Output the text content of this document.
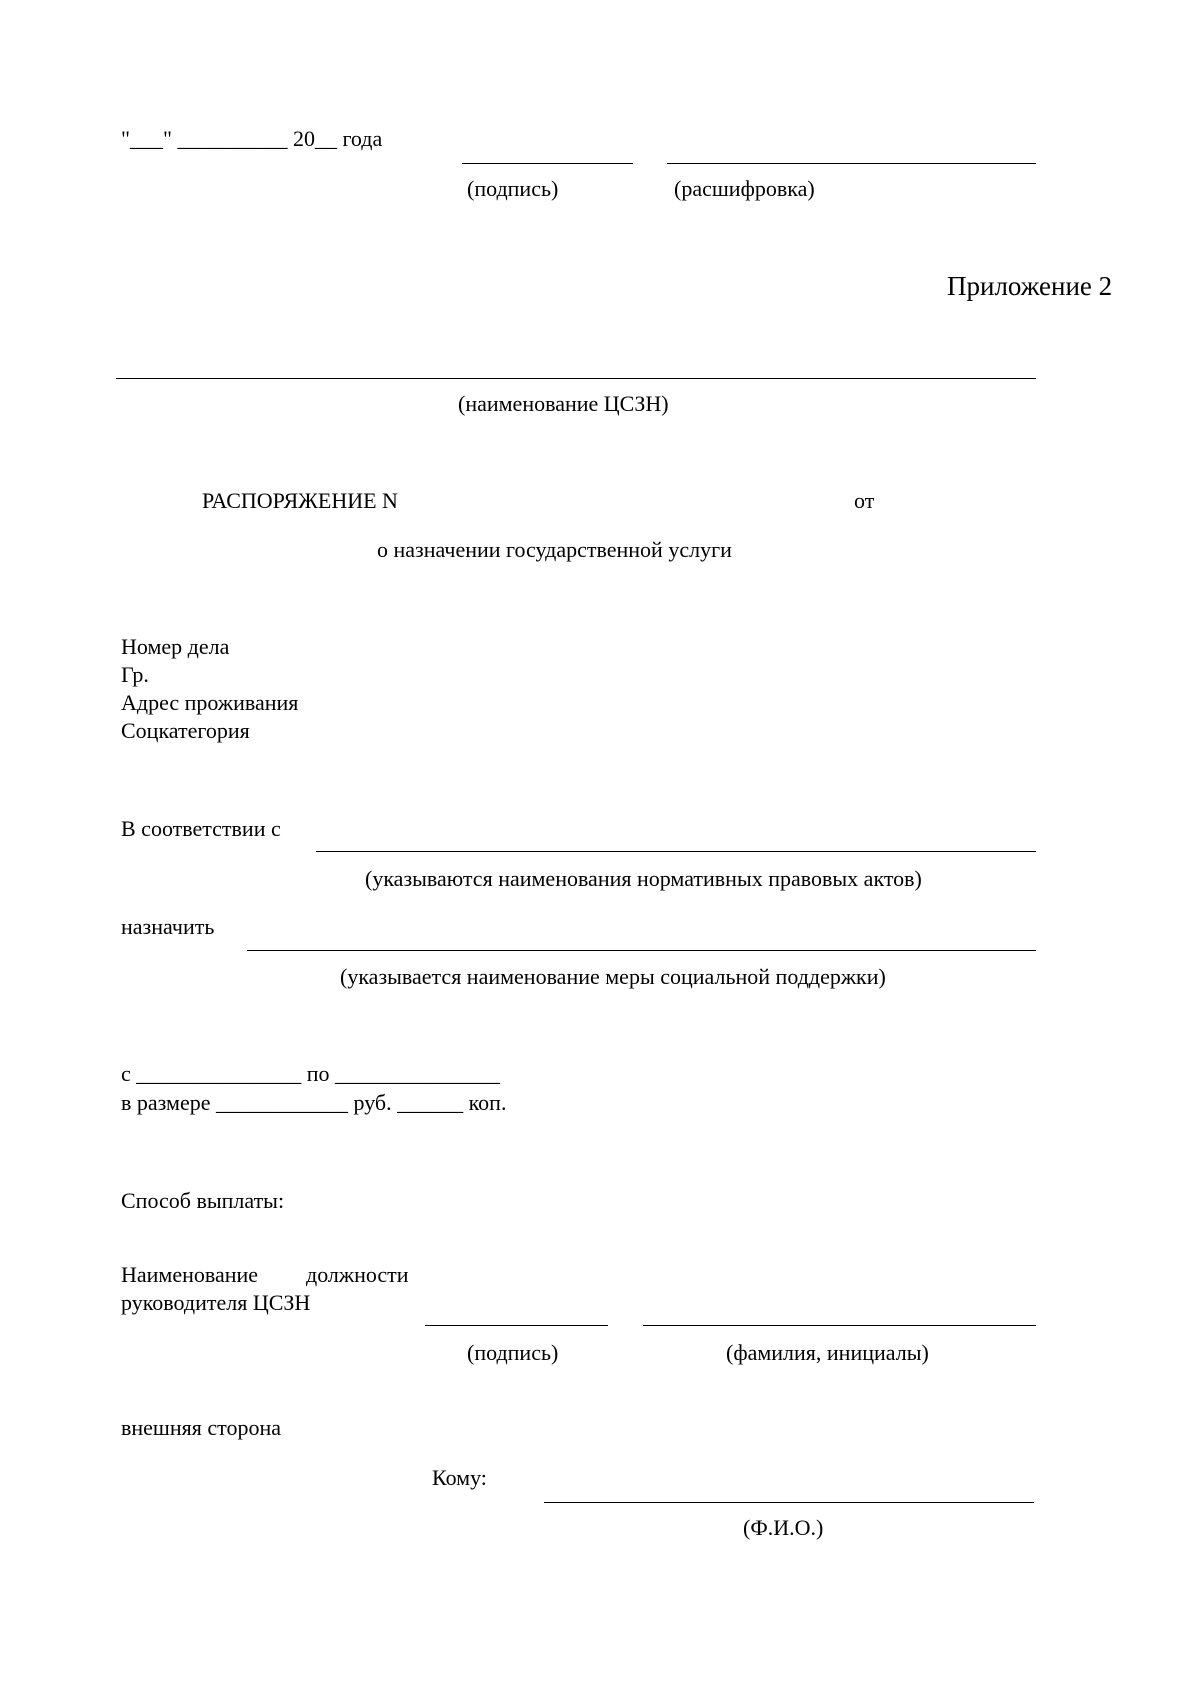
"___" __________ 20__ года
(подпись)	(расшифровка)
Приложение 2
(наименование ЦСЗН)
РАСПОРЯЖЕНИЕ N	от
о назначении государственной услуги
Номер дела
Гр.
Адрес проживания
Соцкатегория
В соответствии с
(указываются наименования нормативных правовых актов)
назначить
(указывается наименование меры социальной поддержки)
с _______________ по _______________
в размере ____________ руб. ______ коп.
Способ выплаты:
Наименование должности
руководителя ЦСЗН
(подпись)	(фамилия, инициалы)
внешняя сторона
Кому:
(Ф.И.О.)
